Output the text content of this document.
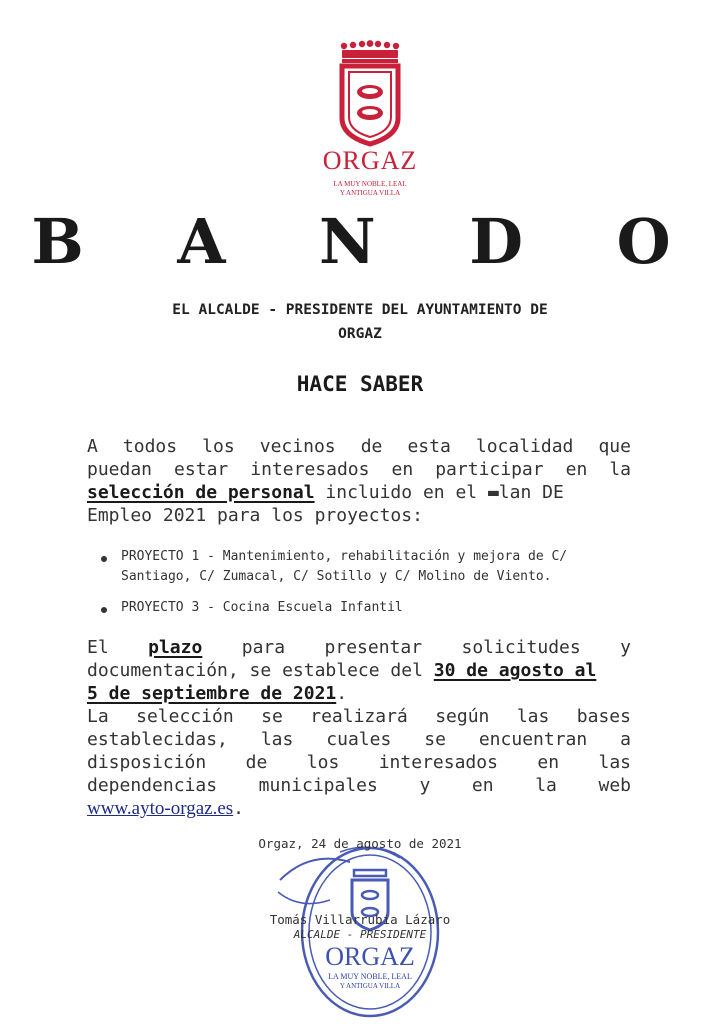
ORGAZ
LA MUY NOBLE, LEAL
Y ANTIGUA VILLA
B A N D O
EL ALCALDE - PRESIDENTE DEL AYUNTAMIENTO DE
ORGAZ
HACE SABER
A todos los vecinos de esta localidad que
puedan estar interesados en participar en la
selección de personal incluido en el ▬lan DE
Empleo 2021 para los proyectos:
PROYECTO 1 - Mantenimiento, rehabilitación y mejora de C/
Santiago, C/ Zumacal, C/ Sotillo y C/ Molino de Viento.
PROYECTO 3 - Cocina Escuela Infantil
El plazo para presentar solicitudes y
documentación, se establece del 30 de agosto al
5 de septiembre de 2021.
La selección se realizará según las bases
establecidas, las cuales se encuentran a
disposición de los interesados en las
dependencias municipales y en la web
www.ayto-orgaz.es.
ORGAZ
LA MUY NOBLE, LEAL
Y ANTIGUA VILLA
Orgaz, 24 de agosto de 2021
Tomás Villarrubia Lázaro
ALCALDE - PRESIDENTE
